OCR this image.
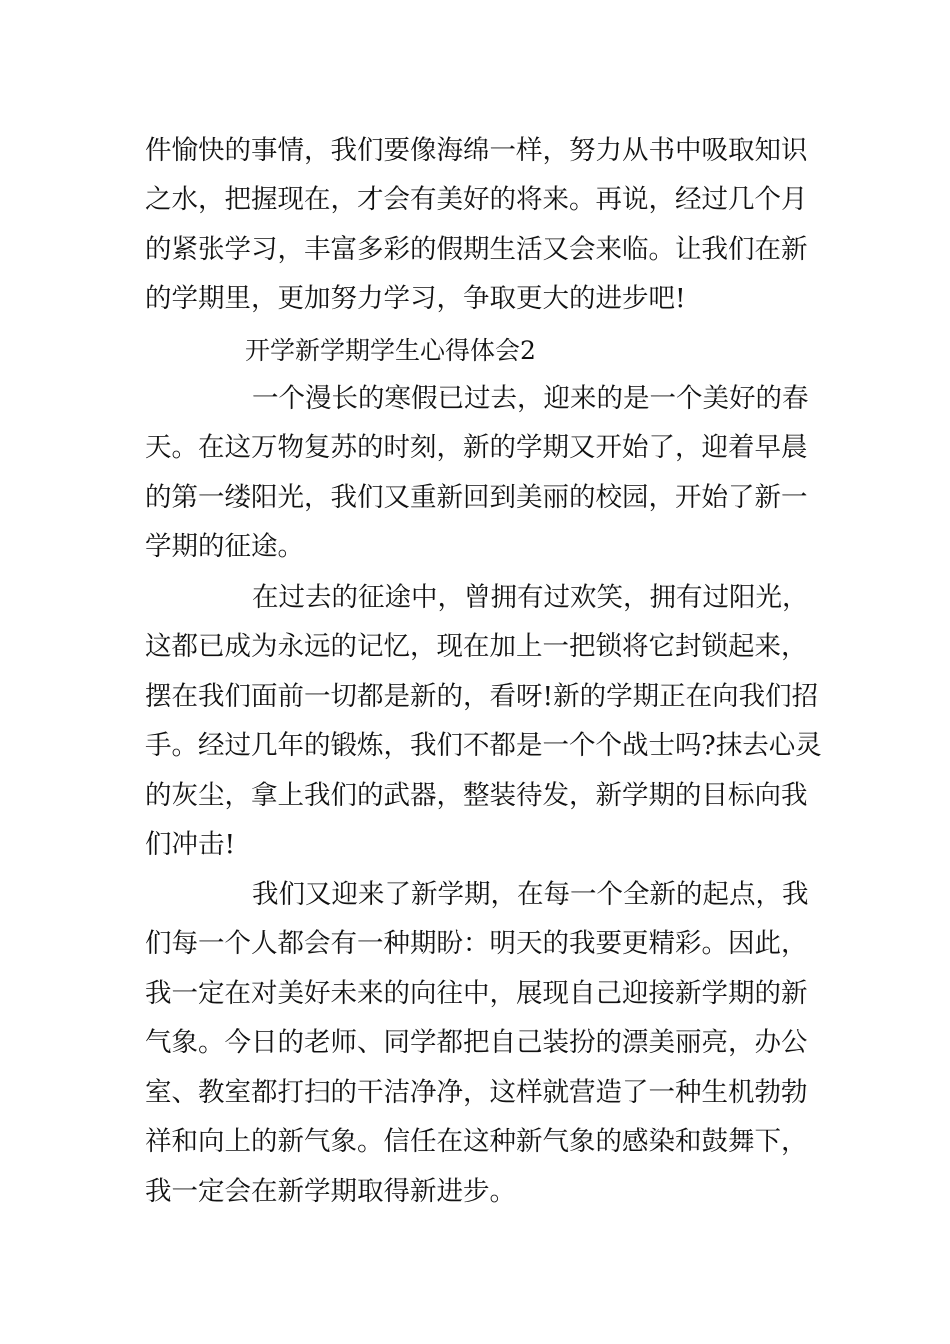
件愉快的事情，我们要像海绵一样，努力从书中吸取知识
之水，把握现在，才会有美好的将来。再说，经过几个月
的紧张学习，丰富多彩的假期生活又会来临。让我们在新
的学期里，更加努力学习，争取更大的进步吧!
开学新学期学生心得体会2
一个漫长的寒假已过去，迎来的是一个美好的春
天。在这万物复苏的时刻，新的学期又开始了，迎着早晨
的第一缕阳光，我们又重新回到美丽的校园，开始了新一
学期的征途。
在过去的征途中，曾拥有过欢笑，拥有过阳光，
这都已成为永远的记忆，现在加上一把锁将它封锁起来，
摆在我们面前一切都是新的，看呀!新的学期正在向我们招
手。经过几年的锻炼，我们不都是一个个战士吗?抹去心灵
的灰尘，拿上我们的武器，整装待发，新学期的目标向我
们冲击!
我们又迎来了新学期，在每一个全新的起点，我
们每一个人都会有一种期盼：明天的我要更精彩。因此，
我一定在对美好未来的向往中，展现自己迎接新学期的新
气象。今日的老师、同学都把自己装扮的漂美丽亮，办公
室、教室都打扫的干洁净净，这样就营造了一种生机勃勃
祥和向上的新气象。信任在这种新气象的感染和鼓舞下，
我一定会在新学期取得新进步。
